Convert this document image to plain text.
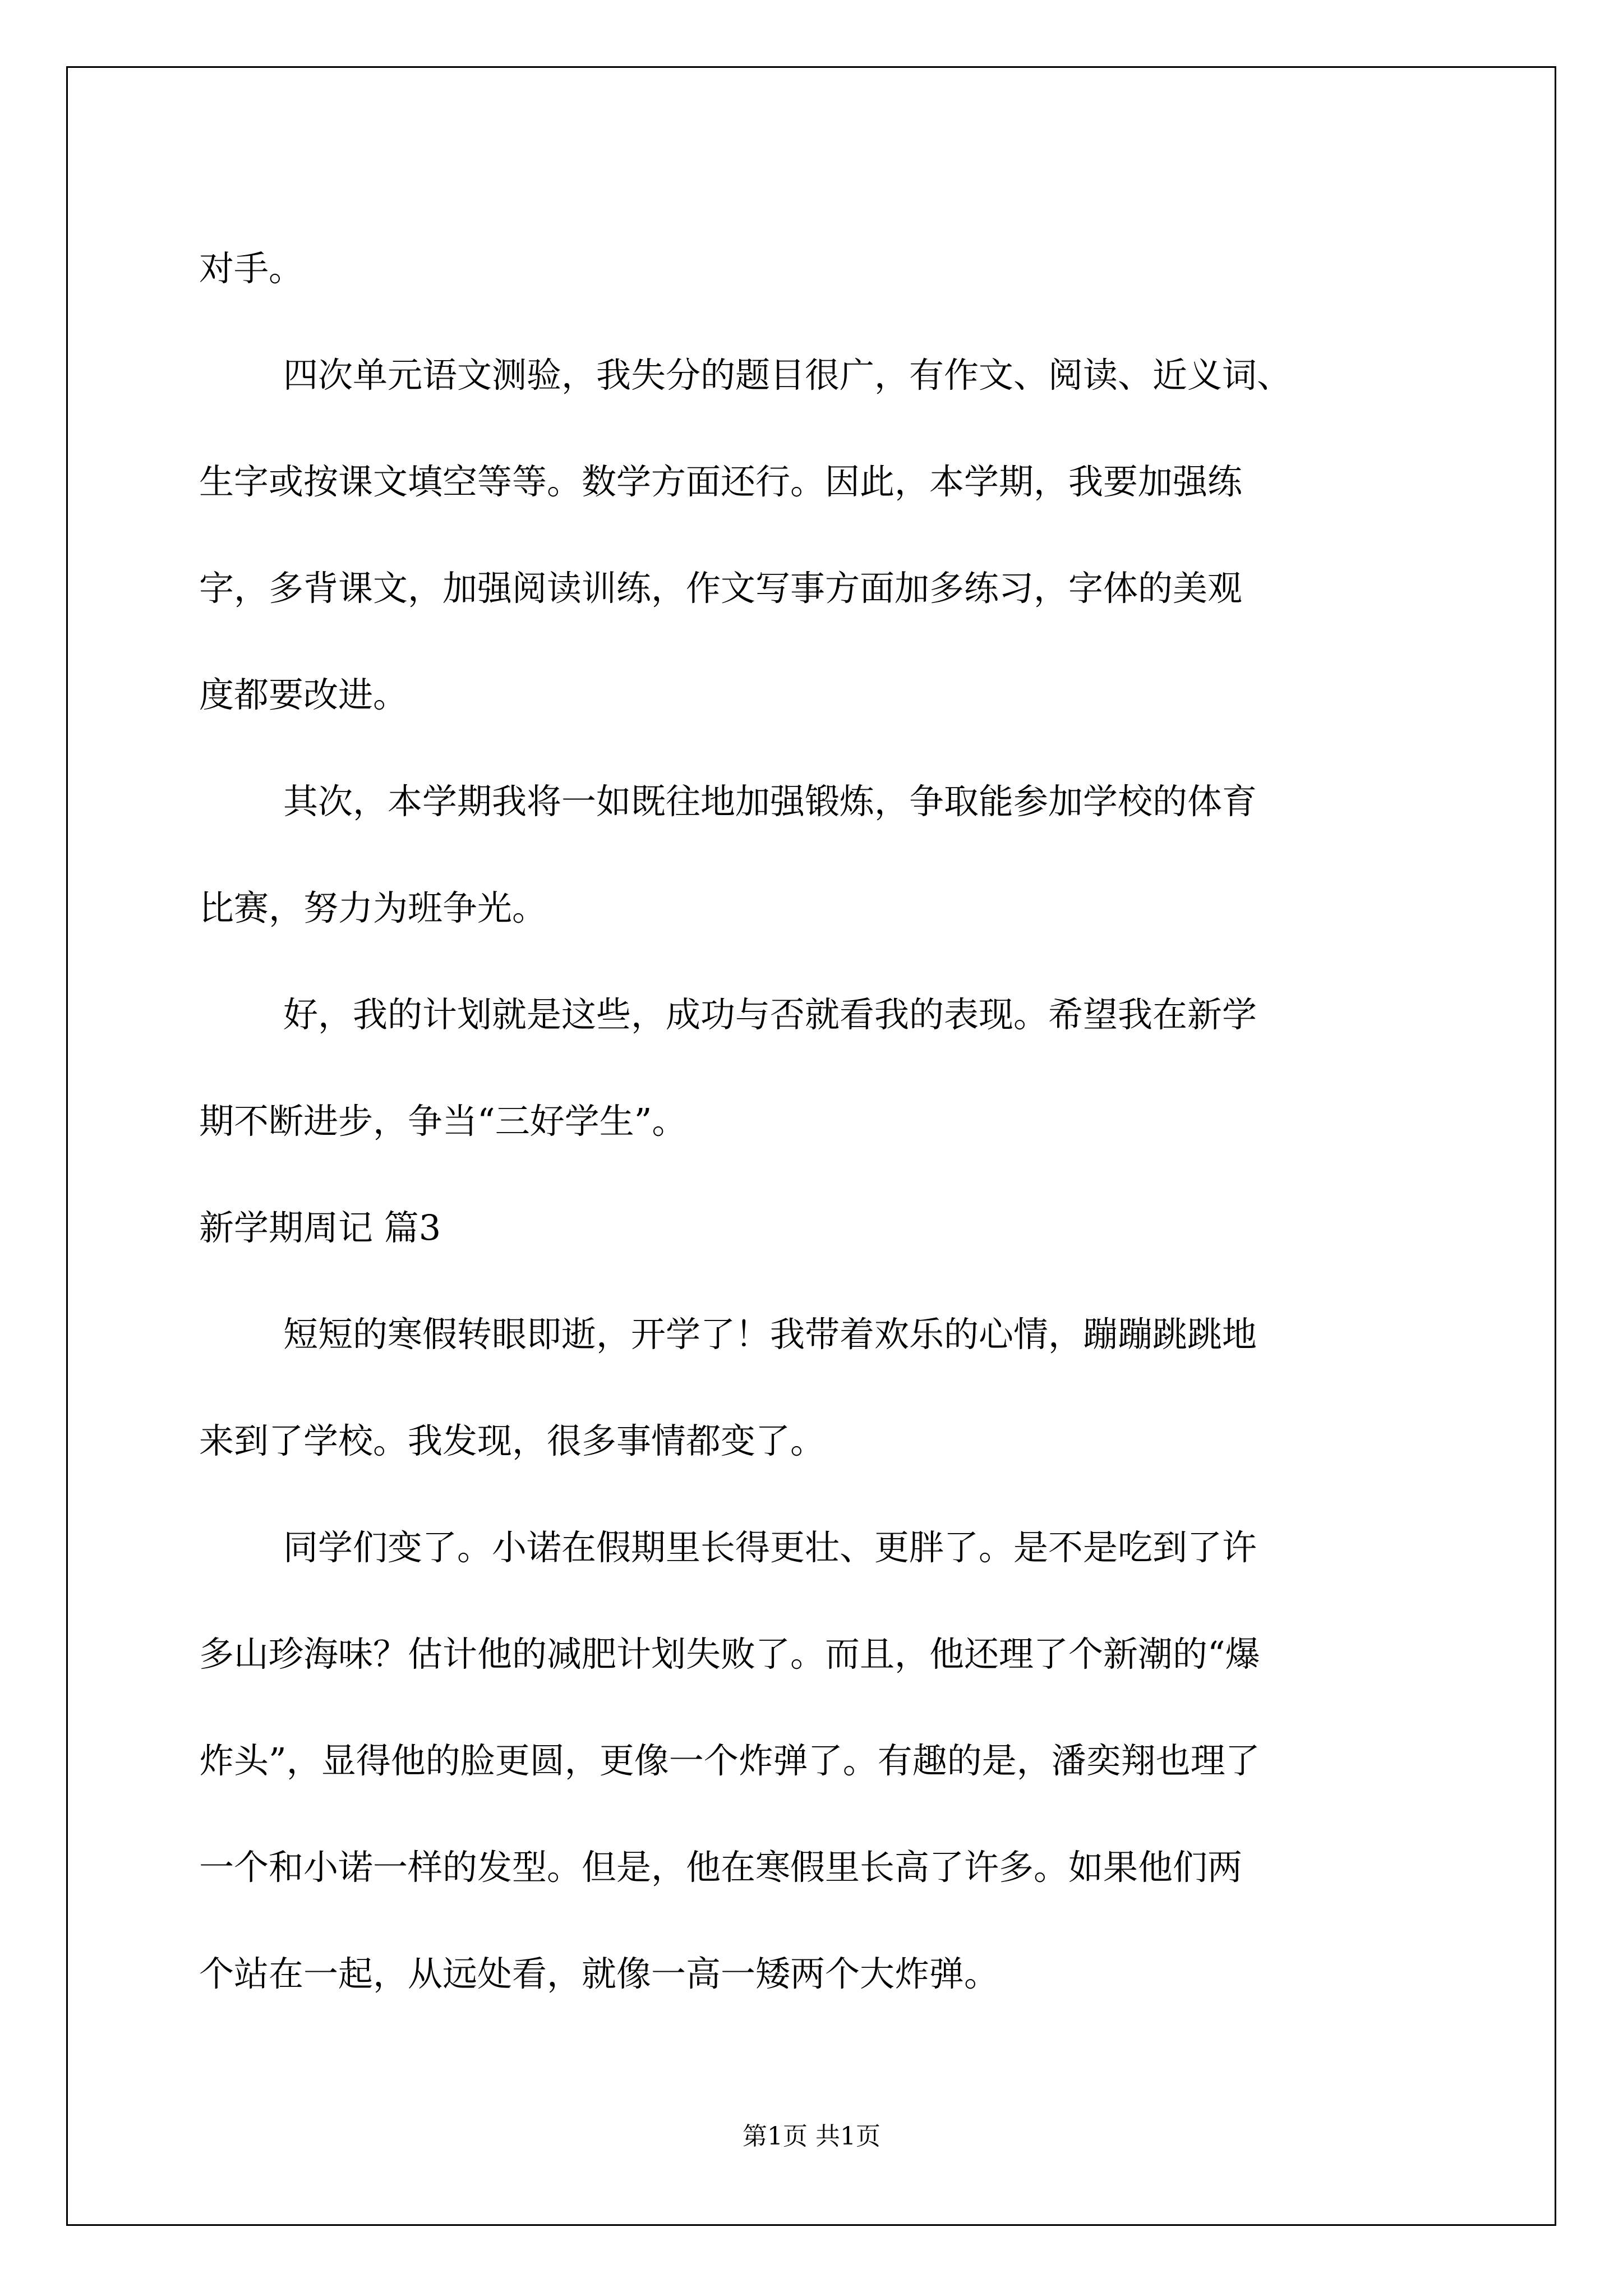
对手。
四次单元语文测验，我失分的题目很广，有作文、阅读、近义词、
生字或按课文填空等等。数学方面还行。因此，本学期，我要加强练
字，多背课文，加强阅读训练，作文写事方面加多练习，字体的美观
度都要改进。
其次，本学期我将一如既往地加强锻炼，争取能参加学校的体育
比赛，努力为班争光。
好，我的计划就是这些，成功与否就看我的表现。希望我在新学
期不断进步，争当“三好学生”。
新学期周记 篇3
短短的寒假转眼即逝，开学了！我带着欢乐的心情，蹦蹦跳跳地
来到了学校。我发现，很多事情都变了。
同学们变了。小诺在假期里长得更壮、更胖了。是不是吃到了许
多山珍海味？估计他的减肥计划失败了。而且，他还理了个新潮的“爆
炸头”，显得他的脸更圆，更像一个炸弹了。有趣的是，潘奕翔也理了
一个和小诺一样的发型。但是，他在寒假里长高了许多。如果他们两
个站在一起，从远处看，就像一高一矮两个大炸弹。
第1页 共1页
